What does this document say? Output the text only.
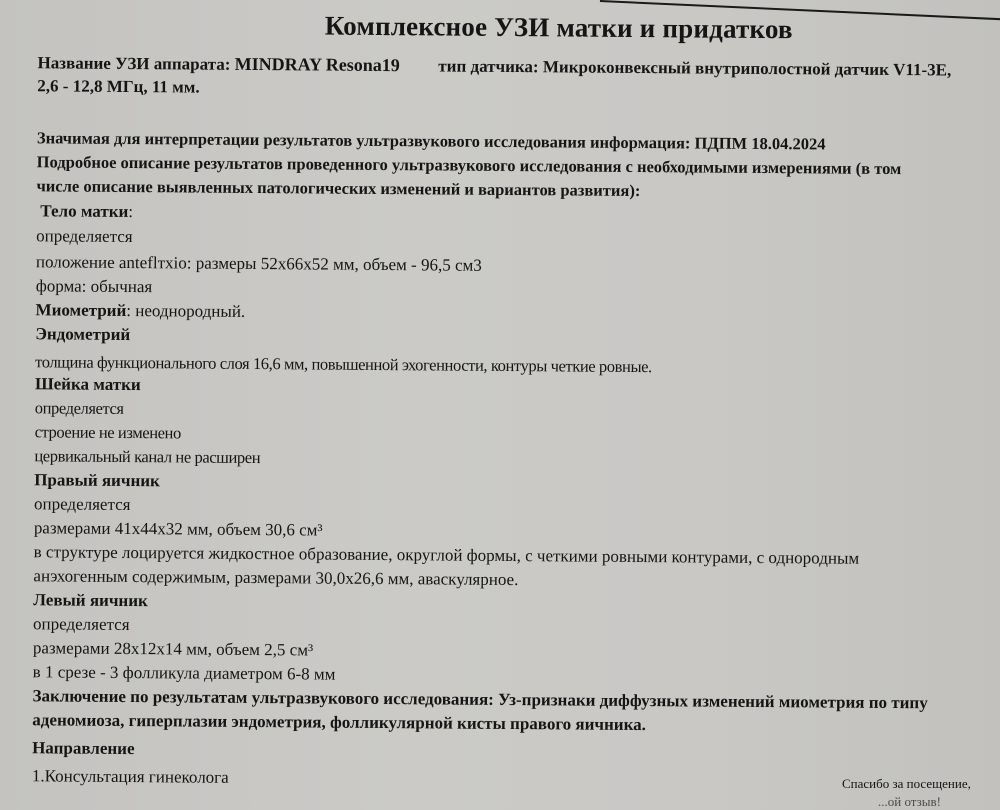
Комплексное УЗИ матки и придатков
Название УЗИ аппарата: MINDRAY Resona19 тип датчика: Микроконвексный внутриполостной датчик V11-3E,
2,6 - 12,8 МГц, 11 мм.
Значимая для интерпретации результатов ультразвукового исследования информация: ПДПМ 18.04.2024
Подробное описание результатов проведенного ультразвукового исследования с необходимыми измерениями (в том
числе описание выявленных патологических изменений и вариантов развития):
Тело матки:
определяется
положение anteflтxio: размеры 52х66х52 мм, объем - 96,5 см3
форма: обычная
Миометрий: неоднородный.
Эндометрий
толщина функционального слоя 16,6 мм, повышенной эхогенности, контуры четкие ровные.
Шейка матки
определяется
строение не изменено
цервикальный канал не расширен
Правый яичник
определяется
размерами 41х44х32 мм, объем 30,6 см³
в структуре лоцируется жидкостное образование, округлой формы, с четкими ровными контурами, с однородным
анэхогенным содержимым, размерами 30,0х26,6 мм, аваскулярное.
Левый яичник
определяется
размерами 28х12х14 мм, объем 2,5 см³
в 1 срезе - 3 фолликула диаметром 6-8 мм
Заключение по результатам ультразвукового исследования: Уз-признаки диффузных изменений миометрия по типу
аденомиоза, гиперплазии эндометрия, фолликулярной кисты правого яичника.
Направление
1.Консультация гинеколога	Спасибо за посещение,
...ой отзыв!
